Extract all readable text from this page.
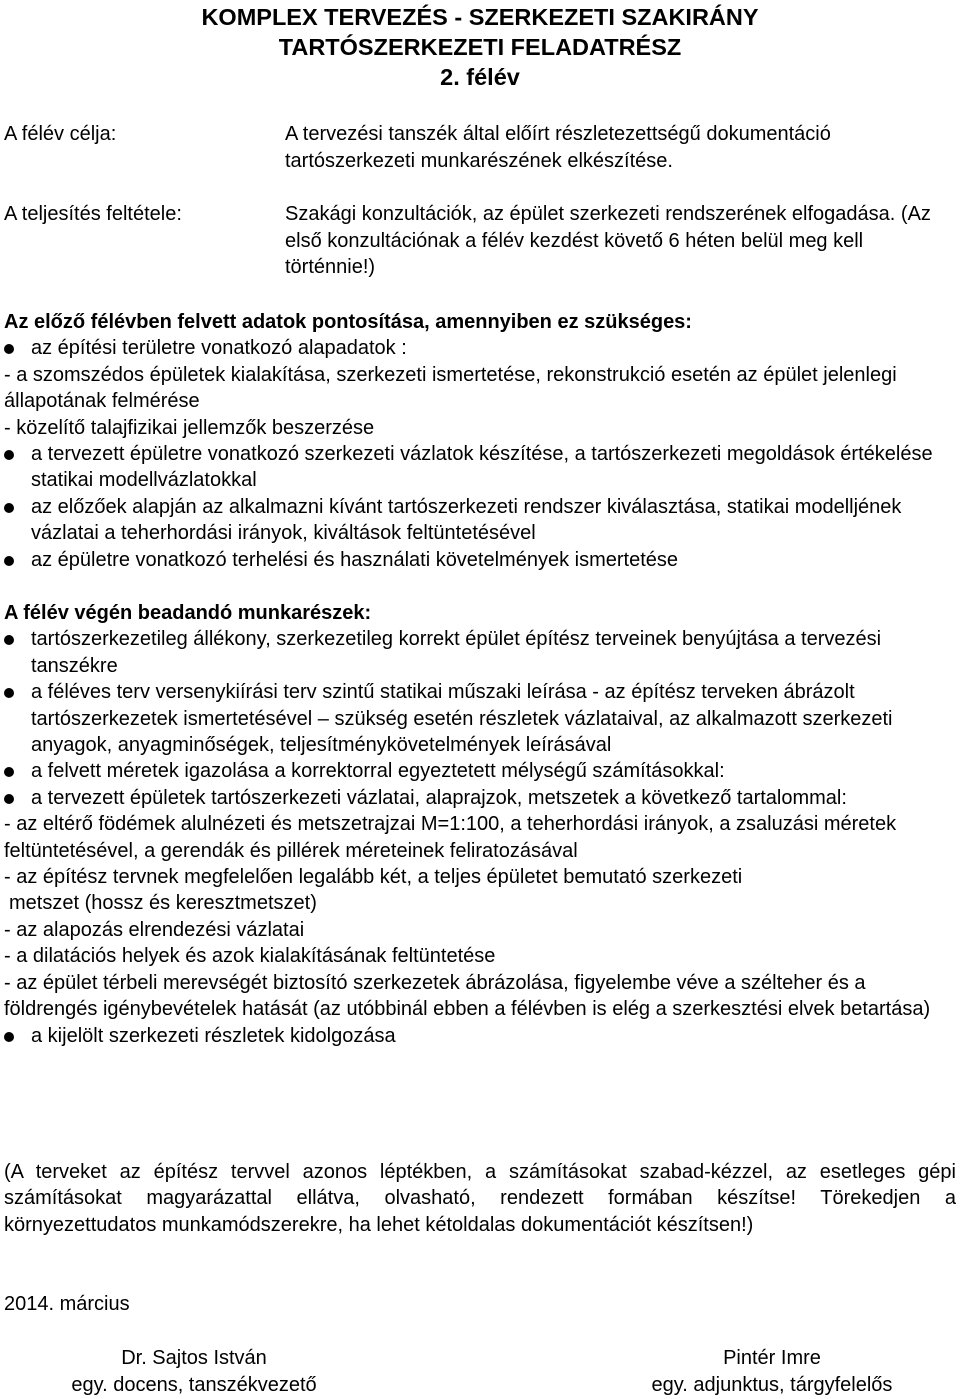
KOMPLEX TERVEZÉS - SZERKEZETI SZAKIRÁNY

TARTÓSZERKEZETI FELADATRÉSZ

2. félév

A félév célja:	A tervezési tanszék által előírt részletezettségű dokumentáció tartószerkezeti munkarészének elkészítése.
A teljesítés feltétele:	Szakági konzultációk, az épület szerkezeti rendszerének elfogadása. (Az első konzultációnak a félév kezdést követő 6 héten belül meg kell történnie!)
Az előző félévben felvett adatok pontosítása, amennyiben ez szükséges:
az építési területre vonatkozó alapadatok :
- a szomszédos épületek kialakítása, szerkezeti ismertetése, rekonstrukció esetén az épület jelenlegi állapotának felmérése
- közelítő talajfizikai jellemzők beszerzése
a tervezett épületre vonatkozó szerkezeti vázlatok készítése, a tartószerkezeti megoldások értékelése statikai modellvázlatokkal
az előzőek alapján az alkalmazni kívánt tartószerkezeti rendszer kiválasztása, statikai modelljének vázlatai a teherhordási irányok, kiváltások feltüntetésével
az épületre vonatkozó terhelési és használati követelmények ismertetése
A félév végén beadandó munkarészek:
tartószerkezetileg állékony, szerkezetileg korrekt épület építész terveinek benyújtása a tervezési tanszékre
a féléves terv versenykiírási terv szintű statikai műszaki leírása - az építész terveken ábrázolt tartószerkezetek ismertetésével – szükség esetén részletek vázlataival, az alkalmazott szerkezeti anyagok, anyagminőségek, teljesítménykövetelmények leírásával
a felvett méretek igazolása a korrektorral egyeztetett mélységű számításokkal:
a tervezett épületek tartószerkezeti vázlatai, alaprajzok, metszetek a következő tartalommal:
- az eltérő födémek alulnézeti és metszetrajzai M=1:100, a teherhordási irányok, a zsaluzási méretek feltüntetésével, a gerendák és pillérek méreteinek feliratozásával
- az építész tervnek megfelelően legalább két, a teljes épületet bemutató szerkezeti
metszet (hossz és keresztmetszet)
- az alapozás elrendezési vázlatai
- a dilatációs helyek és azok kialakításának feltüntetése
- az épület térbeli merevségét biztosító szerkezetek ábrázolása, figyelembe véve a szélteher és a földrengés igénybevételek hatását (az utóbbinál ebben a félévben is elég a szerkesztési elvek betartása)
a kijelölt szerkezeti részletek kidolgozása
(A terveket az építész tervvel azonos léptékben, a számításokat szabad-kézzel, az esetleges gépi számításokat magyarázattal ellátva, olvasható, rendezett formában készítse! Törekedjen a környezettudatos munkamódszerekre, ha lehet kétoldalas dokumentációt készítsen!)
2014. március
Dr. Sajtos István
egy. docens, tanszékvezető
Pintér Imre
egy. adjunktus, tárgyfelelős
